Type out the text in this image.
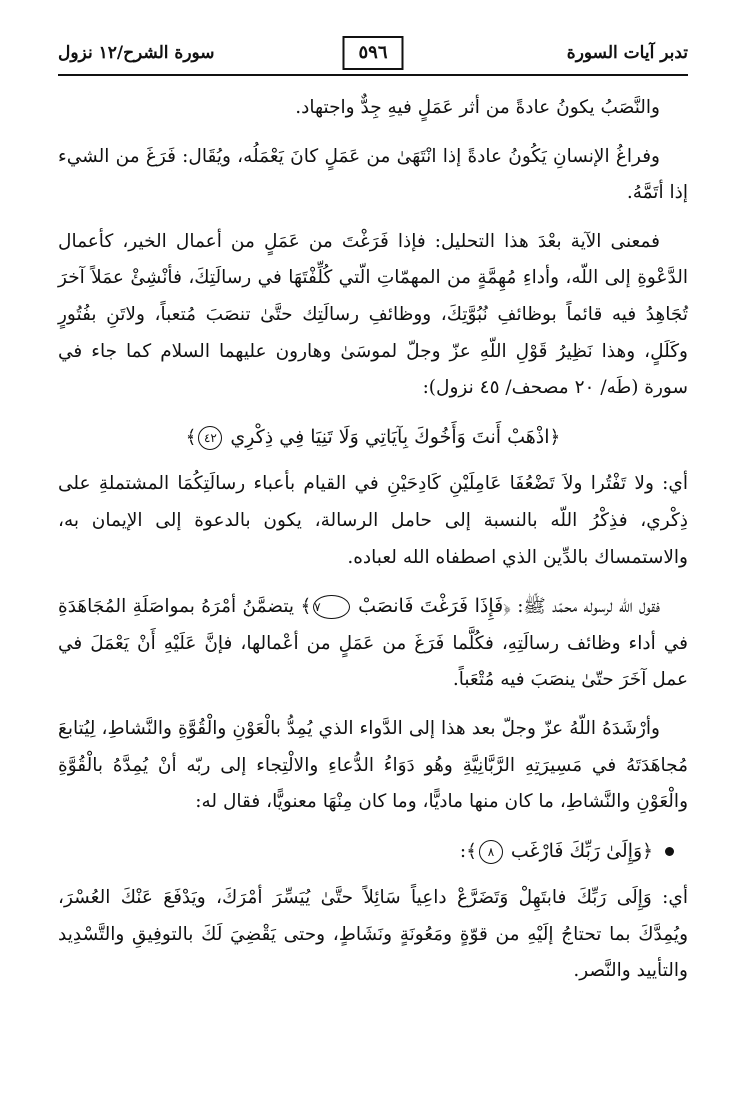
تدبر آيات السورة
٥٩٦
سورة الشرح/١٢ نزول

والنَّصَبُ يكونُ عادةً من أثر عَمَلٍ فيهِ جِدٌّ واجتهاد.

وفراغُ الإنسانِ يَكُونُ عادةً إذا انْتَهَىٰ من عَمَلٍ كانَ يَعْمَلُه، ويُقَال: فَرَغَ من الشيء إذا أتَمَّهُ.

فمعنى الآية بعْدَ هذا التحليل: فإذا فَرَغْتَ من عَمَلٍ من أعمال الخير، كأعمال الدَّعْوةِ إلى اللّه، وأداءِ مُهِمَّةٍ من المهمّاتِ الّتي كُلِّفْتَهَا في رسالَتِكَ، فأنْشِئْ عمَلاً آخرَ تُجَاهِدُ فيه قائماً بوظائفِ نُبُوَّتِكَ، ووظائفِ رسالَتِك حتَّىٰ تنصَبَ مُتعباً، ولاتَنِ بفُتُورٍ وكَلَلٍ، وهذا نَظِيرُ قَوْلِ اللّهِ عزّ وجلّ لموسَىٰ وهارون عليهما السلام كما جاء في سورة (طَه/ ٢٠ مصحف/ ٤٥ نزول):

﴿اذْهَبْ أَنتَ وَأَخُوكَ بِآيَاتِي وَلَا تَنِيَا فِي ذِكْرِي ٤٢﴾

أي: ولا تَفْتُرا ولاَ تَضْعُفَا عَامِلَيْنِ كَادِحَيْنِ في القيام بأعباء رسالَتِكُمَا المشتملةِ على ذِكْري، فذِكْرُ اللّه بالنسبة إلى حامل الرسالة، يكون بالدعوة إلى الإيمان به، والاستمساك بالدِّين الذي اصطفاه الله لعباده.

فقول الله لرسوله محمّد ﷺ: ﴿فَإِذَا فَرَغْتَ فَانصَبْ ٧﴾ يتضمَّنُ أمْرَهُ بمواصَلَةِ المُجَاهَدَةِ في أداء وظائف رسالَتِهِ، فكُلَّما فَرَغَ من عَمَلٍ من أعْمالها، فإنَّ عَلَيْهِ أَنْ يَعْمَلَ في عمل آخَرَ حتّىٰ ينصَبَ فيه مُتْعَباً.

وأرْشَدَهُ اللّهُ عزّ وجلّ بعد هذا إلى الدَّواء الذي يُمِدُّ بالْعَوْنِ والْقُوَّةِ والنَّشاطِ، لِيُتابعَ مُجاهَدَتَهُ في مَسِيرَتِهِ الرَّبَّانِيَّةِ وهُو دَوَاءُ الدُّعاءِ والالْتِجاء إلى ربّه أنْ يُمِدَّهُ بالْقُوَّةِ والْعَوْنِ والنَّشاطِ، ما كان منها ماديًّا، وما كان مِنْهَا معنويًّا، فقال له:

﴿وَإِلَىٰ رَبِّكَ فَارْغَب ٨﴾:

أي: وَإِلَى رَبِّكَ فابتَهِلْ وَتَضَرَّعْ داعِياً سَائِلاً حتَّىٰ يُيَسِّرَ أمْرَكَ، ويَدْفَعَ عَنْكَ العُسْرَ، ويُمِدَّكَ بما تحتاجُ إلَيْهِ من قوّةٍ ومَعُونَةٍ ونَشَاطٍ، وحتى يَقْضِيَ لَكَ بالتوفِيقِ والتَّسْدِيد والتأييد والنَّصر.
